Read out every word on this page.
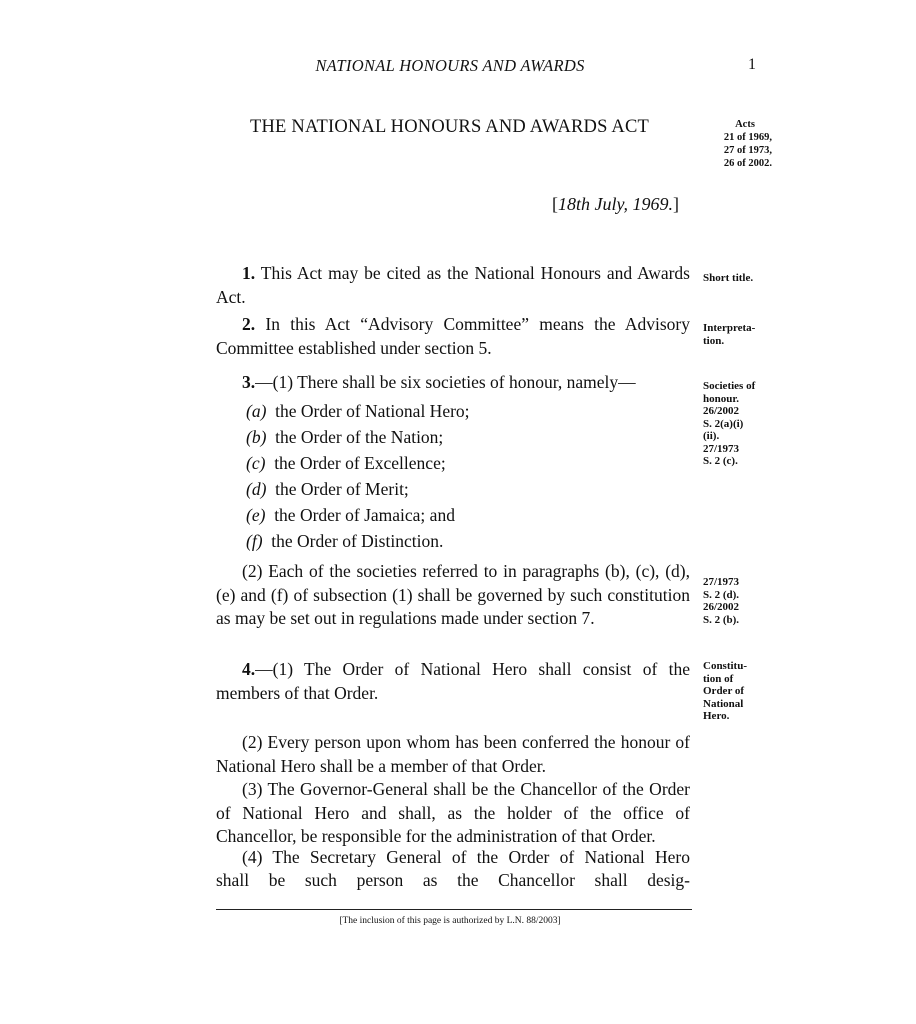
NATIONAL HONOURS AND AWARDS	1
THE NATIONAL HONOURS AND AWARDS ACT	Acts
21 of 1969,
27 of 1973,
26 of 2002.
[18th July, 1969.]
1. This Act may be cited as the National Honours and Awards Act.
Short title.
2. In this Act “Advisory Committee” means the Advisory Committee established under section 5.
Interpreta-
tion.
3.—(1) There shall be six societies of honour, namely—
(a) the Order of National Hero;
(b) the Order of the Nation;
(c) the Order of Excellence;
(d) the Order of Merit;
(e) the Order of Jamaica; and
(f) the Order of Distinction.
Societies of
honour.
26/2002
S. 2(a)(i)
(ii).
27/1973
S. 2 (c).
(2) Each of the societies referred to in paragraphs (b), (c), (d), (e) and (f) of subsection (1) shall be governed by such constitution as may be set out in regulations made under section 7.
27/1973
S. 2 (d).
26/2002
S. 2 (b).
4.—(1) The Order of National Hero shall consist of the members of that Order.
Constitu-
tion of
Order of
National
Hero.
(2) Every person upon whom has been conferred the honour of National Hero shall be a member of that Order.
(3) The Governor-General shall be the Chancellor of the Order of National Hero and shall, as the holder of the office of Chancellor, be responsible for the administration of that Order.
(4) The Secretary General of the Order of National Hero
shall be such person as the Chancellor shall desig-
[The inclusion of this page is authorized by L.N. 88/2003]
